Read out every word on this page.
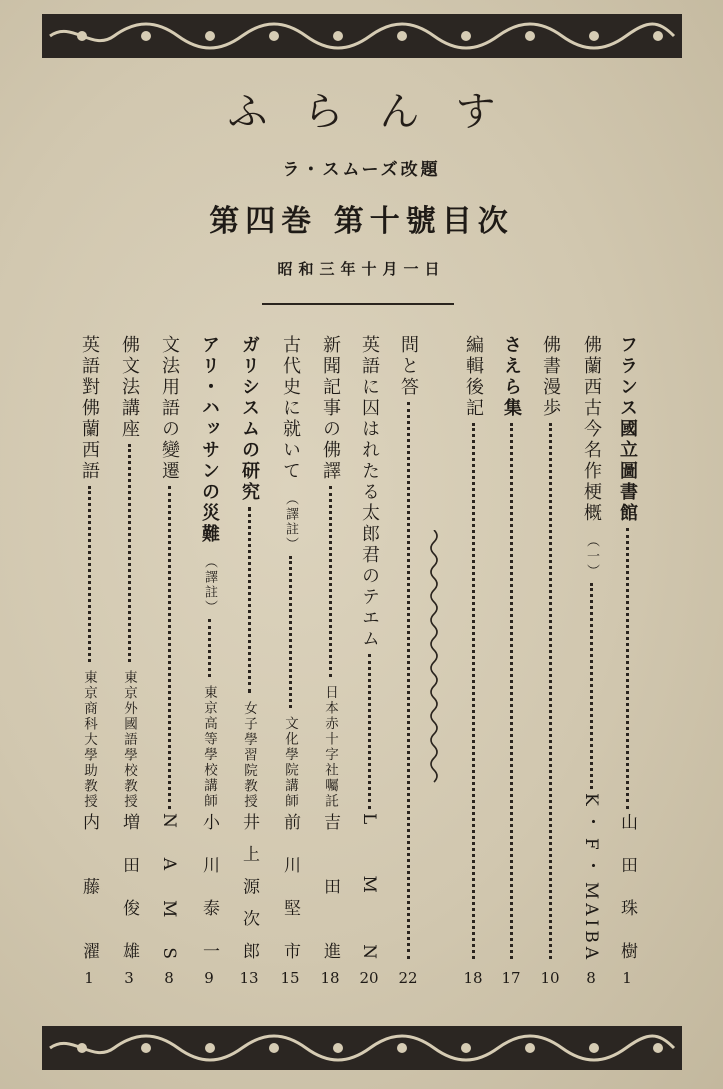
ふらんす
ラ・スムーズ改題
第四巻 第十號目次
昭和三年十月一日
フランス國立圖書館
山田珠樹
1
佛蘭西古今名作梗概
（一）
K・F・MAIBA
8
佛書漫歩
10
さえら集
17
編輯後記
18
問と答
22
英語に囚はれたる太郎君のテエム
L M N
20
新聞記事の佛譯
日本赤十字社囑託
吉田進
18
古代史に就いて
（譯註）
文化學院講師
前川堅市
15
ガリシスムの研究
女子學習院教授
井上源次郎
13
アリ・ハッサンの災難
（譯註）
東京高等學校講師
小川泰一
9
文法用語の變遷
N A M S
8
佛文法講座
東京外國語學校教授
増田俊雄
3
英語對佛蘭西語
東京商科大學助教授
内藤濯
1
